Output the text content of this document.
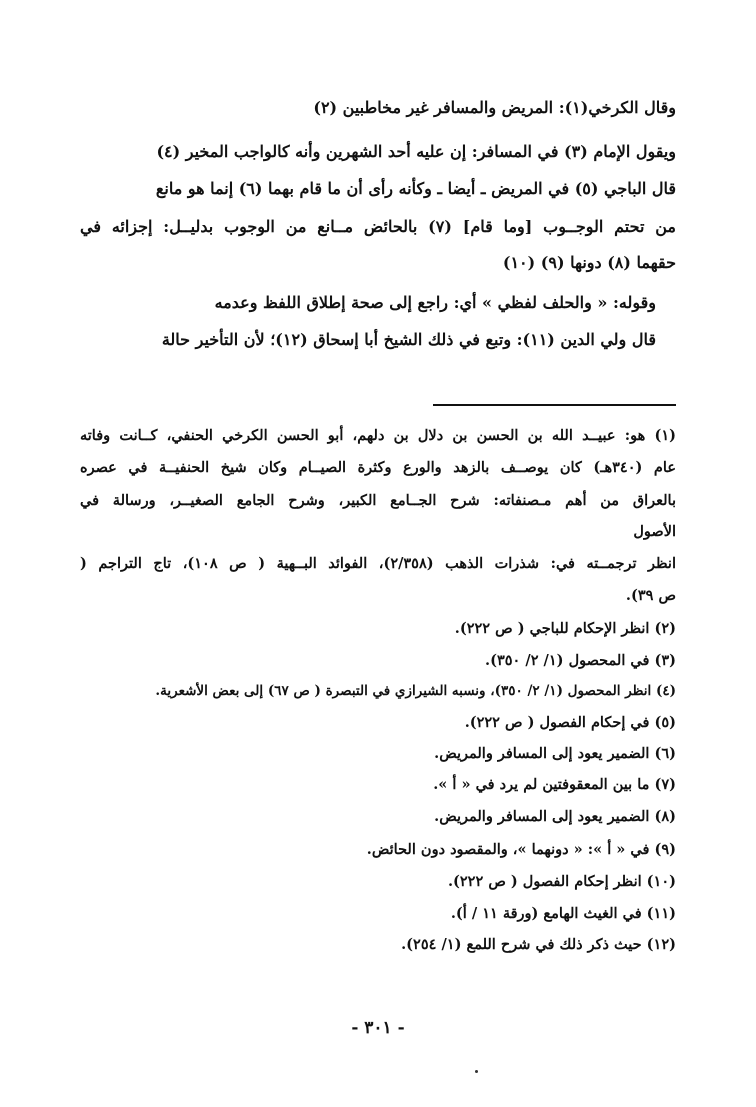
وقال الكرخي(١): المريض والمسافر غير مخاطبين (٢)
ويقول الإمام (٣) في المسافر: إن عليه أحد الشهرين وأنه كالواجب المخير (٤)
قال الباجي (٥) في المريض ـ أيضا ـ وكأنه رأى أن ما قام بهما (٦) إنما هو مانع
من تحتم الوجــوب [وما قام] (٧) بالحائض مــانع من الوجوب بدليــل: إجزائه في
حقهما (٨) دونها (٩) (١٠)
وقوله: « والحلف لفظي » أي: راجع إلى صحة إطلاق اللفظ وعدمه
قال ولي الدين (١١): وتبع في ذلك الشيخ أبا إسحاق (١٢)؛ لأن التأخير حالة
(١) هو: عبيــد الله بن الحسن بن دلال بن دلهم، أبو الحسن الكرخي الحنفي، كــانت وفاته
عام (٣٤٠هـ) كان يوصــف بالزهد والورع وكثرة الصيــام وكان شيخ الحنفيــة في عصره
بالعراق من أهم مـصنفاته: شرح الجــامع الكبير، وشرح الجامع الصغيــر، ورسالة في
الأصول
انظر ترجمــته في: شذرات الذهب (٢/٣٥٨)، الفوائد البــهية ( ص ١٠٨)، تاج التراجم (
ص ٣٩).
(٢) انظر الإحكام للباجي ( ص ٢٢٢).
(٣) في المحصول (١/ ٢/ ٣٥٠).
(٤) انظر المحصول (١/ ٢/ ٣٥٠)، ونسبه الشيرازي في التبصرة ( ص ٦٧) إلى بعض الأشعرية.
(٥) في إحكام الفصول ( ص ٢٢٢).
(٦) الضمير يعود إلى المسافر والمريض.
(٧) ما بين المعقوفتين لم يرد في « أ ».
(٨) الضمير يعود إلى المسافر والمريض.
(٩) في « أ »: « دونهما »، والمقصود دون الحائض.
(١٠) انظر إحكام الفصول ( ص ٢٢٢).
(١١) في الغيث الهامع (ورقة ١١ / أ).
(١٢) حيث ذكر ذلك في شرح اللمع (١/ ٢٥٤).
- ٣٠١ -
